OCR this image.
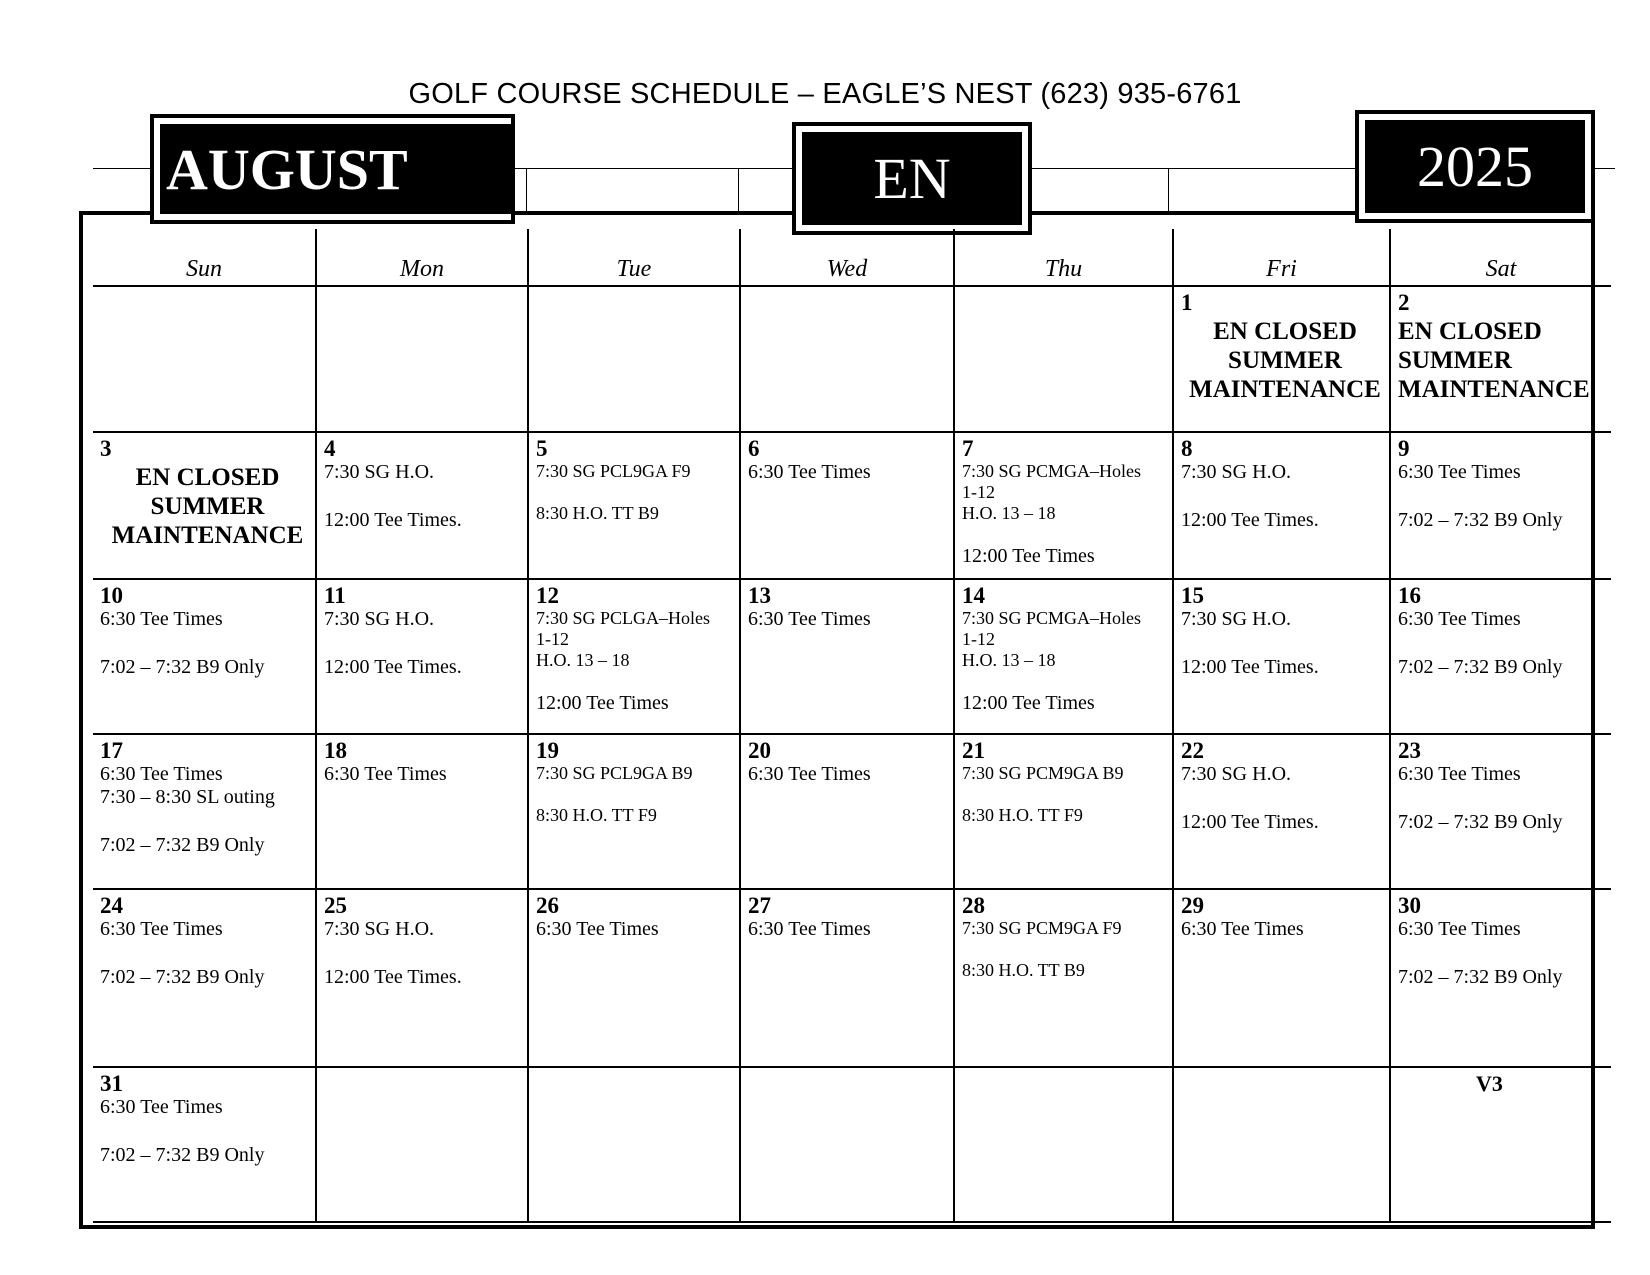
GOLF COURSE SCHEDULE – EAGLE’S NEST (623) 935-6761
AUGUST	EN	2025
Sun	Mon	Tue	Wed	Thu	Fri	Sat

					1
EN CLOSED
SUMMER
MAINTENANCE	2
EN CLOSED
SUMMER
MAINTENANCE

3
EN CLOSED
SUMMER
MAINTENANCE	4
7:30 SG H.O.
12:00 Tee Times.	5
7:30 SG PCL9GA F9
8:30 H.O. TT B9	6
6:30 Tee Times	7
7:30 SG PCMGA–Holes
1-12
H.O. 13 – 18
12:00 Tee Times	8
7:30 SG H.O.
12:00 Tee Times.	9
6:30 Tee Times
7:02 – 7:32 B9 Only

10
6:30 Tee Times
7:02 – 7:32 B9 Only	11
7:30 SG H.O.
12:00 Tee Times.	12
7:30 SG PCLGA–Holes
1-12
H.O. 13 – 18
12:00 Tee Times	13
6:30 Tee Times	14
7:30 SG PCMGA–Holes
1-12
H.O. 13 – 18
12:00 Tee Times	15
7:30 SG H.O.
12:00 Tee Times.	16
6:30 Tee Times
7:02 – 7:32 B9 Only

17
6:30 Tee Times
7:30 – 8:30 SL outing
7:02 – 7:32 B9 Only	18
6:30 Tee Times	19
7:30 SG PCL9GA B9
8:30 H.O. TT F9	20
6:30 Tee Times	21
7:30 SG PCM9GA B9
8:30 H.O. TT F9	22
7:30 SG H.O.
12:00 Tee Times.	23
6:30 Tee Times
7:02 – 7:32 B9 Only

24
6:30 Tee Times
7:02 – 7:32 B9 Only	25
7:30 SG H.O.
12:00 Tee Times.	26
6:30 Tee Times	27
6:30 Tee Times	28
7:30 SG PCM9GA F9
8:30 H.O. TT B9	29
6:30 Tee Times	30
6:30 Tee Times
7:02 – 7:32 B9 Only

31
6:30 Tee Times
7:02 – 7:32 B9 Only						V3
